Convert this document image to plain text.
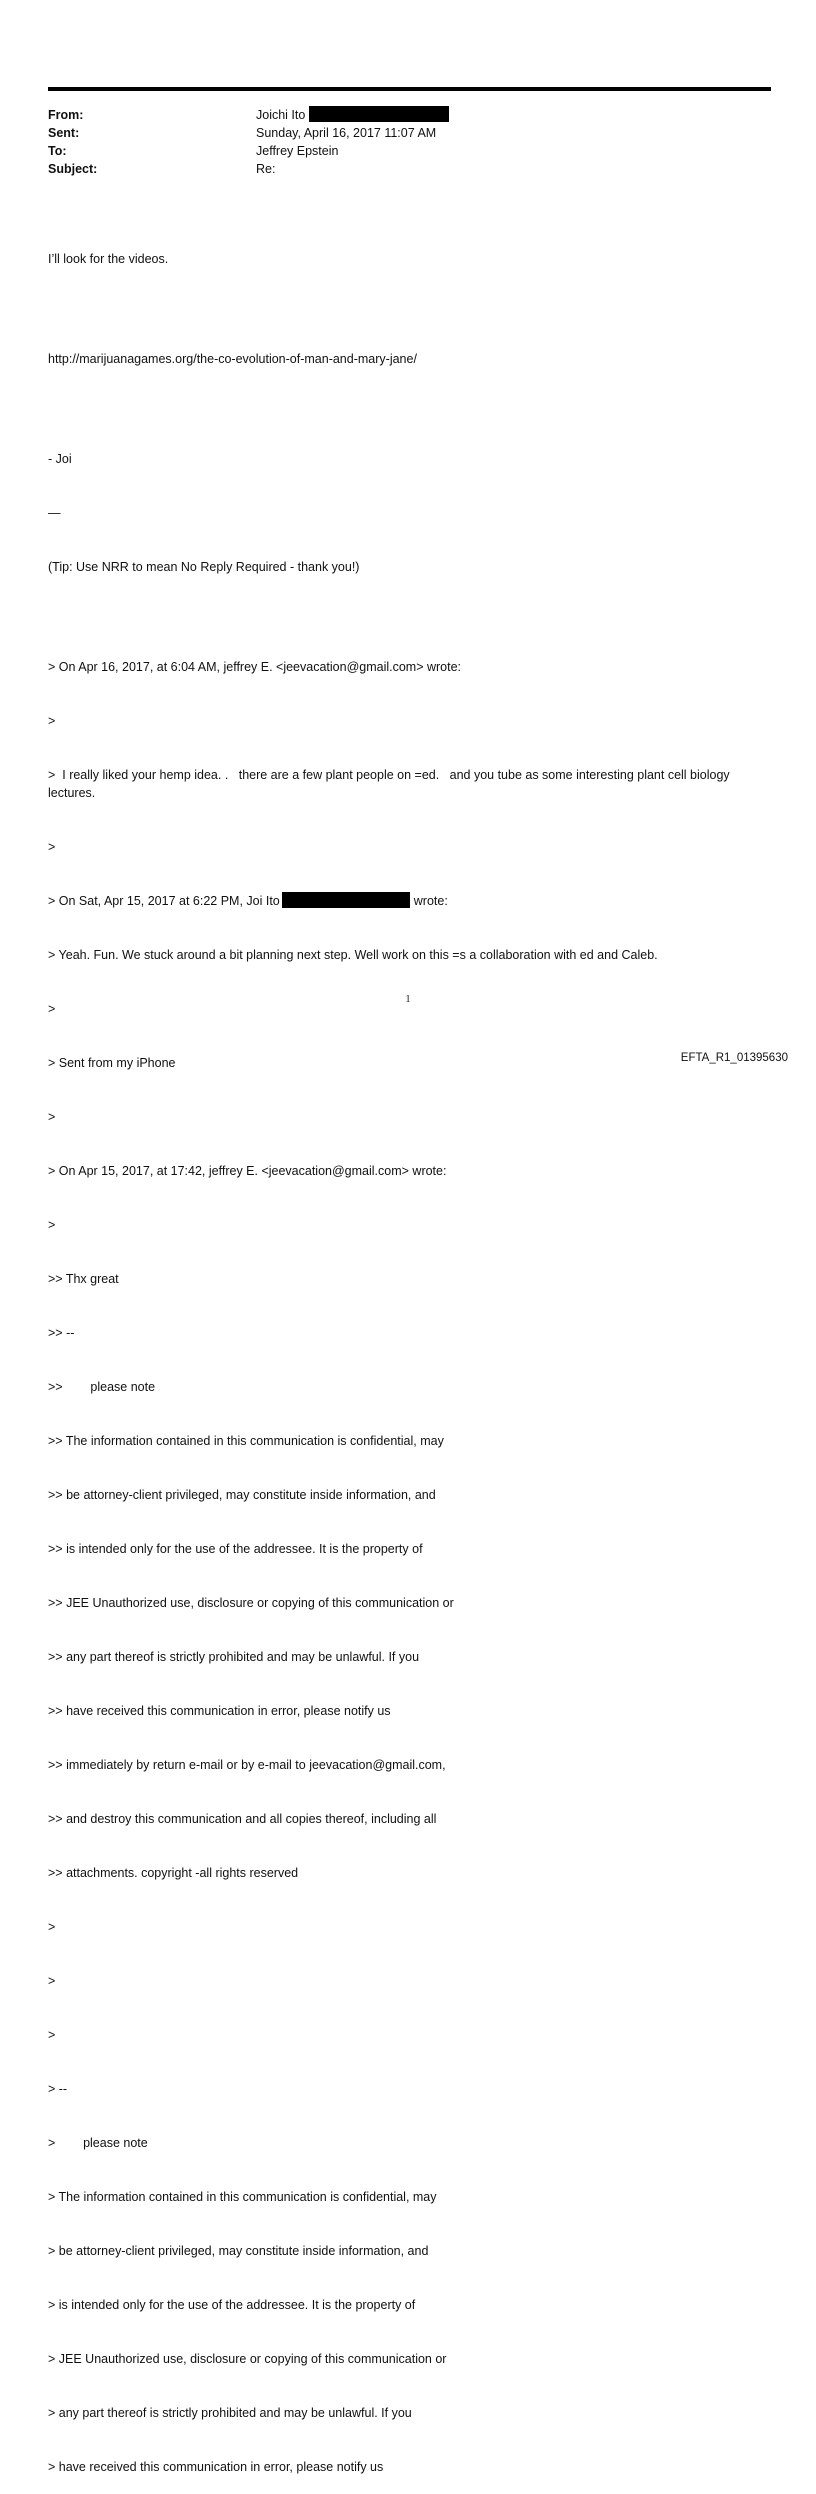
From:	Joichi Ito
Sent:	Sunday, April 16, 2017 11:07 AM
To:	Jeffrey Epstein
Subject:	Re:

I’ll look for the videos.

http://marijuanagames.org/the-co-evolution-of-man-and-mary-jane/

- Joi

—

(Tip: Use NRR to mean No Reply Required - thank you!)

> On Apr 16, 2017, at 6:04 AM, jeffrey E. <jeevacation@gmail.com> wrote:

>

>  I really liked your hemp idea. .   there are a few plant people on =ed.   and you tube as some interesting plant cell biology lectures.

>

> On Sat, Apr 15, 2017 at 6:22 PM, Joi Ito	wrote:

> Yeah. Fun. We stuck around a bit planning next step. Well work on this =s a collaboration with ed and Caleb.

>

> Sent from my iPhone

>

> On Apr 15, 2017, at 17:42, jeffrey E. <jeevacation@gmail.com> wrote:

>

>> Thx great

>> --

>>        please note

>> The information contained in this communication is confidential, may

>> be attorney-client privileged, may constitute inside information, and

>> is intended only for the use of the addressee. It is the property of

>> JEE Unauthorized use, disclosure or copying of this communication or

>> any part thereof is strictly prohibited and may be unlawful. If you

>> have received this communication in error, please notify us

>> immediately by return e-mail or by e-mail to jeevacation@gmail.com,

>> and destroy this communication and all copies thereof, including all

>> attachments. copyright -all rights reserved

>

>

>

> --

>        please note

> The information contained in this communication is confidential, may

> be attorney-client privileged, may constitute inside information, and

> is intended only for the use of the addressee. It is the property of

> JEE Unauthorized use, disclosure or copying of this communication or

> any part thereof is strictly prohibited and may be unlawful. If you

> have received this communication in error, please notify us

1
EFTA_R1_01395630
